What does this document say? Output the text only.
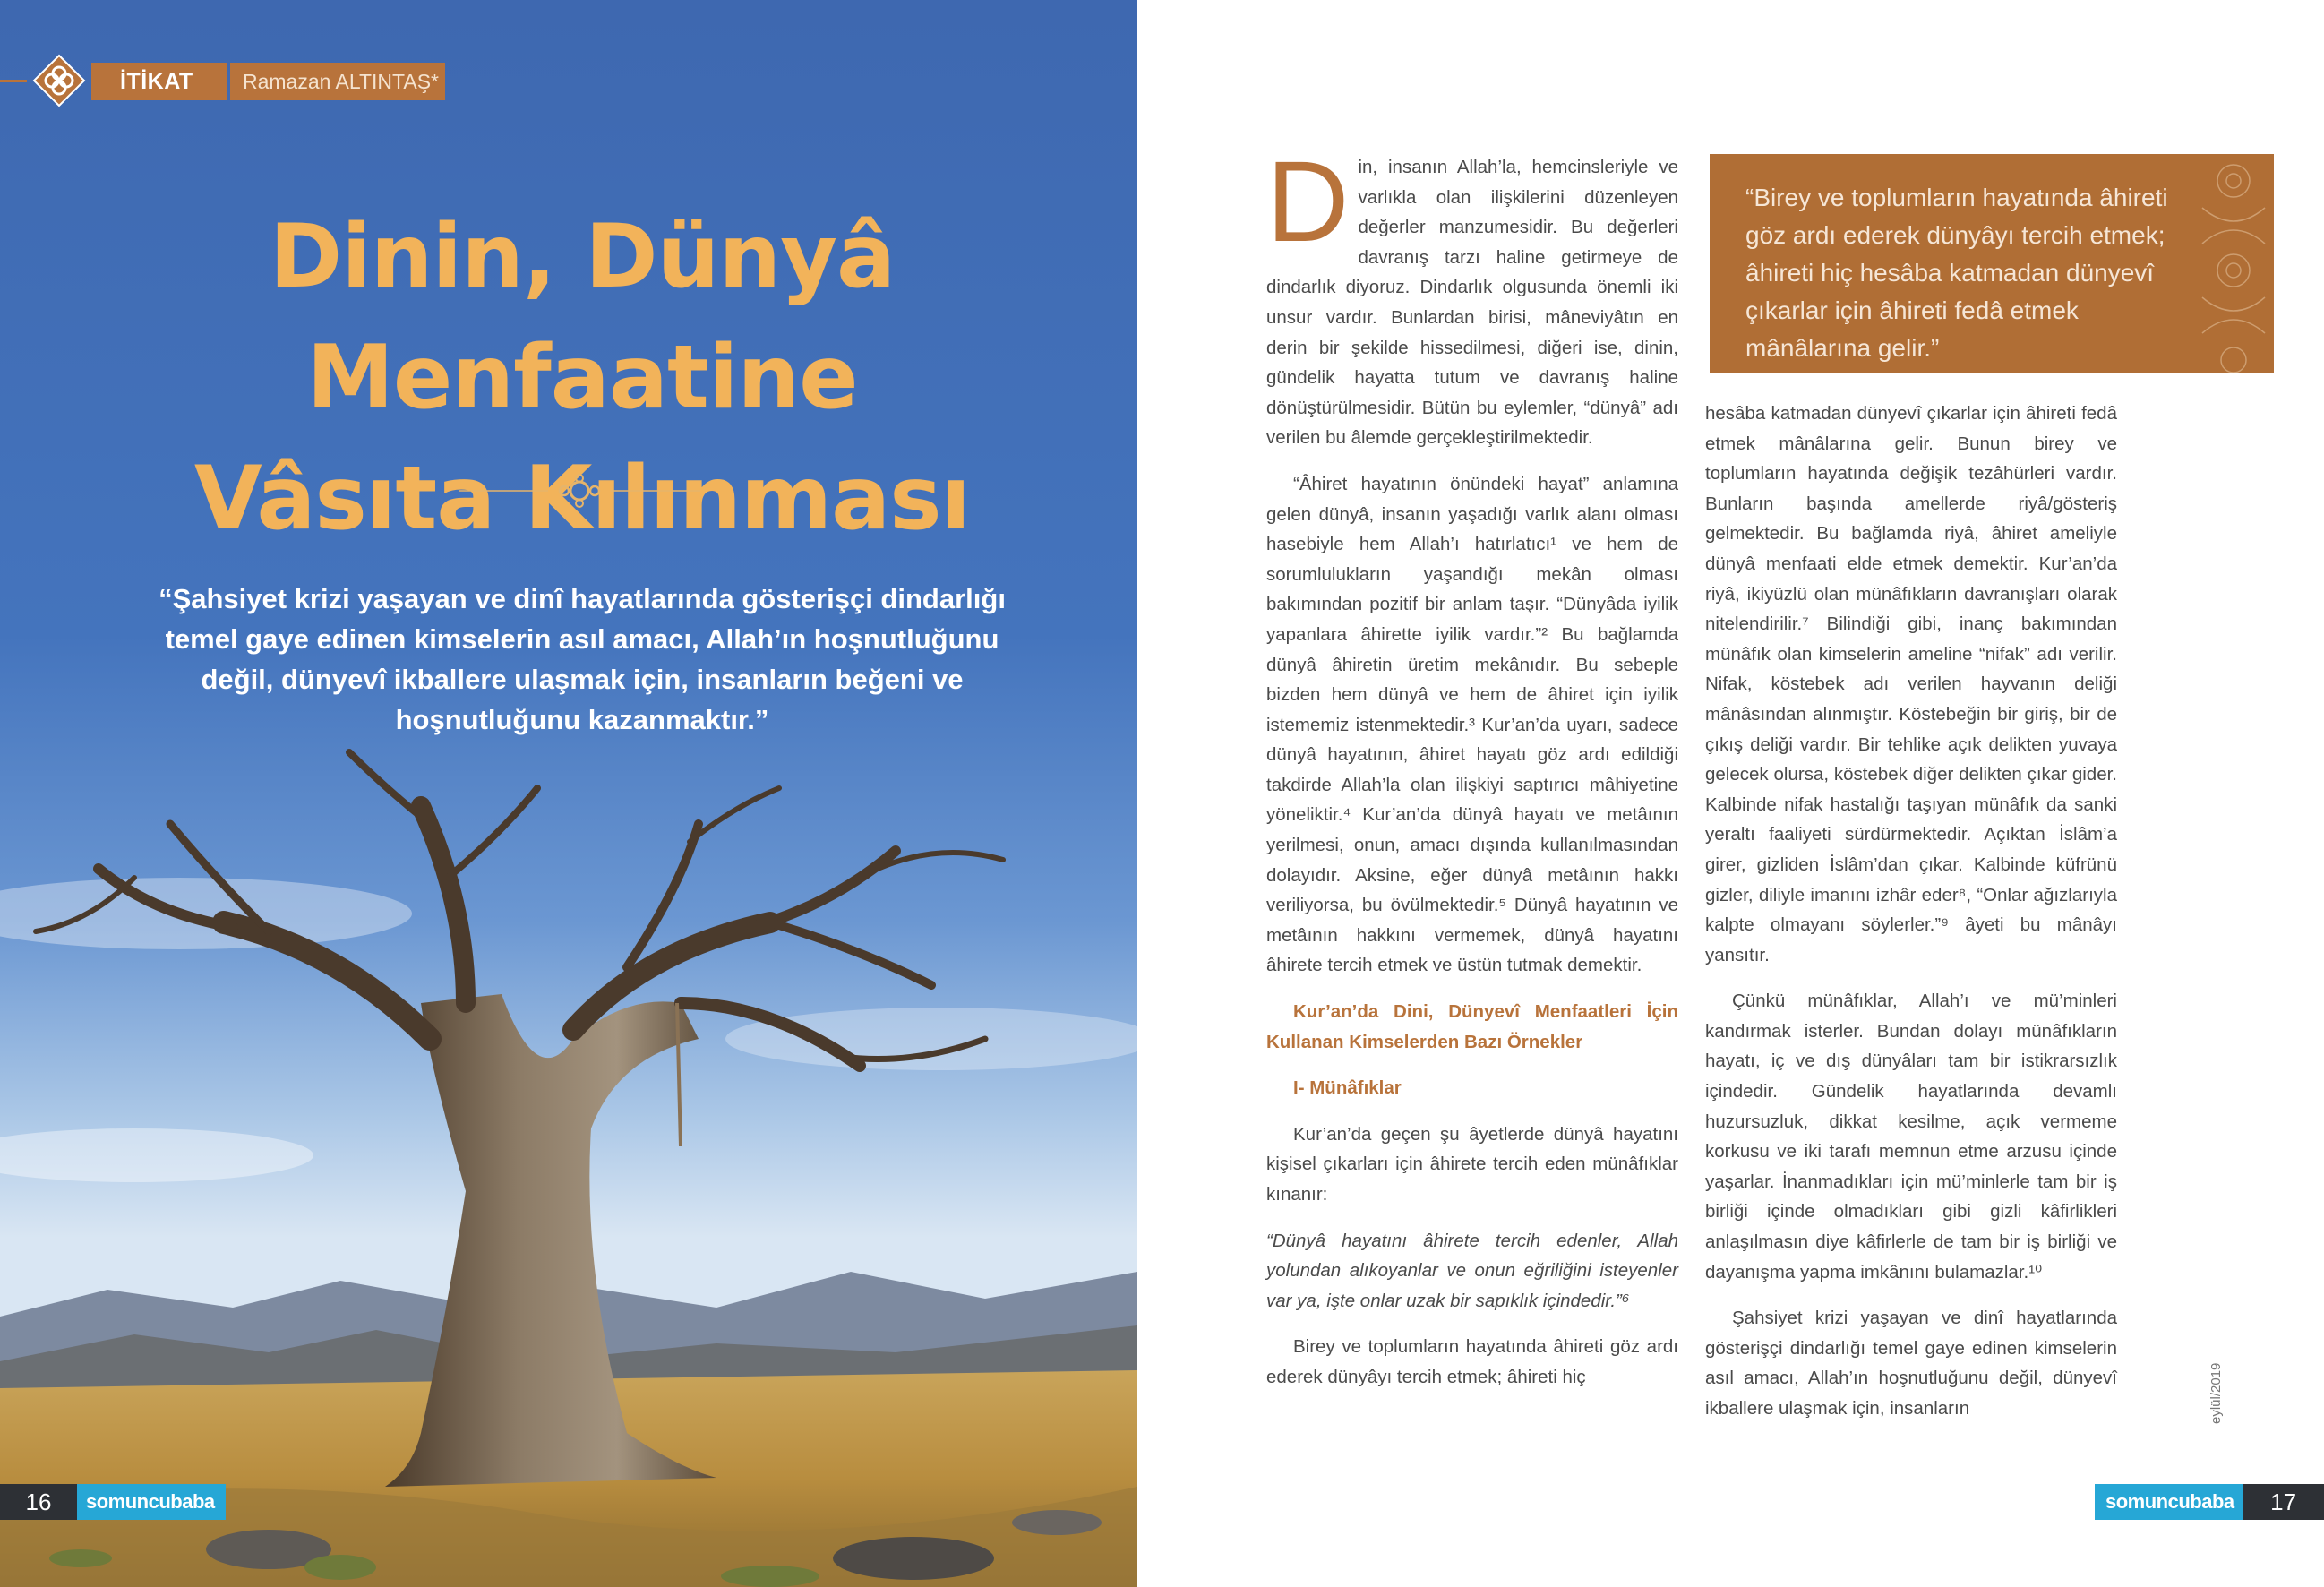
İTİKAT	Ramazan ALTINTAŞ*
Dinin, Dünyâ Menfaatine
Vâsıta Kılınması

“Şahsiyet krizi yaşayan ve dinî hayatlarında gösterişçi dindarlığı temel gaye edinen kimselerin asıl amacı, Allah’ın hoşnutluğunu değil, dünyevî ikballere ulaşmak için, insanların beğeni ve hoşnutluğunu kazanmaktır.”

16	somuncubaba

Din, insanın Allah’la, hemcinsleriyle ve varlıkla olan ilişkilerini düzenleyen değerler manzumesidir. Bu değerleri davranış tarzı haline getirmeye de dindarlık diyoruz. Dindarlık olgusunda önemli iki unsur vardır. Bunlardan birisi, mâneviyâtın en derin bir şekilde hissedilmesi, diğeri ise, dinin, gündelik hayatta tutum ve davranış haline dönüştürülmesidir. Bütün bu eylemler, “dünyâ” adı verilen bu âlemde gerçekleştirilmektedir.

“Âhiret hayatının önündeki hayat” anlamına gelen dünyâ, insanın yaşadığı varlık alanı olması hasebiyle hem Allah’ı hatırlatıcı¹ ve hem de sorumlulukların yaşandığı mekân olması bakımından pozitif bir anlam taşır. “Dünyâda iyilik yapanlara âhirette iyilik vardır.”² Bu bağlamda dünyâ âhiretin üretim mekânıdır. Bu sebeple bizden hem dünyâ ve hem de âhiret için iyilik istememiz istenmektedir.³ Kur’an’da uyarı, sadece dünyâ hayatının, âhiret hayatı göz ardı edildiği takdirde Allah’la olan ilişkiyi saptırıcı mâhiyetine yöneliktir.⁴ Kur’an’da dünyâ hayatı ve metâının yerilmesi, onun, amacı dışında kullanılmasından dolayıdır. Aksine, eğer dünyâ metâının hakkı veriliyorsa, bu övülmektedir.⁵ Dünyâ hayatının ve metâının hakkını vermemek, dünyâ hayatını âhirete tercih etmek ve üstün tutmak demektir.

Kur’an’da Dini, Dünyevî Menfaatleri İçin Kullanan Kimselerden Bazı Örnekler

I- Münâfıklar

Kur’an’da geçen şu âyetlerde dünyâ hayatını kişisel çıkarları için âhirete tercih eden münâfıklar kınanır:

“Dünyâ hayatını âhirete tercih edenler, Allah yolundan alıkoyanlar ve onun eğriliğini isteyenler var ya, işte onlar uzak bir sapıklık içindedir.”⁶

Birey ve toplumların hayatında âhireti göz ardı ederek dünyâyı tercih etmek; âhireti hiç

“Birey ve toplumların hayatında âhireti göz ardı ederek dünyâyı tercih etmek; âhireti hiç hesâba katmadan dünyevî çıkarlar için âhireti fedâ etmek mânâlarına gelir.”

hesâba katmadan dünyevî çıkarlar için âhireti fedâ etmek mânâlarına gelir. Bunun birey ve toplumların hayatında değişik tezâhürleri vardır. Bunların başında amellerde riyâ/gösteriş gelmektedir. Bu bağlamda riyâ, âhiret ameliyle dünyâ menfaati elde etmek demektir. Kur’an’da riyâ, ikiyüzlü olan münâfıkların davranışları olarak nitelendirilir.⁷ Bilindiği gibi, inanç bakımından münâfık olan kimselerin ameline “nifak” adı verilir. Nifak, köstebek adı verilen hayvanın deliği mânâsından alınmıştır. Köstebeğin bir giriş, bir de çıkış deliği vardır. Bir tehlike açık delikten yuvaya gelecek olursa, köstebek diğer delikten çıkar gider. Kalbinde nifak hastalığı taşıyan münâfık da sanki yeraltı faaliyeti sürdürmektedir. Açıktan İslâm’a girer, gizliden İslâm’dan çıkar. Kalbinde küfrünü gizler, diliyle imanını izhâr eder⁸, “Onlar ağızlarıyla kalpte olmayanı söylerler.”⁹ âyeti bu mânâyı yansıtır.

Çünkü münâfıklar, Allah’ı ve mü’minleri kandırmak isterler. Bundan dolayı münâfıkların hayatı, iç ve dış dünyâları tam bir istikrarsızlık içindedir. Gündelik hayatlarında devamlı huzursuzluk, dikkat kesilme, açık vermeme korkusu ve iki tarafı memnun etme arzusu içinde yaşarlar. İnanmadıkları için mü’minlerle tam bir iş birliği içinde olmadıkları gibi gizli kâfirlikleri anlaşılmasın diye kâfirlerle de tam bir iş birliği ve dayanışma yapma imkânını bulamazlar.¹⁰

Şahsiyet krizi yaşayan ve dinî hayatlarında gösterişçi dindarlığı temel gaye edinen kimselerin asıl amacı, Allah’ın hoşnutluğunu değil, dünyevî ikballere ulaşmak için, insanların	eylül/2019
somuncubaba	17
